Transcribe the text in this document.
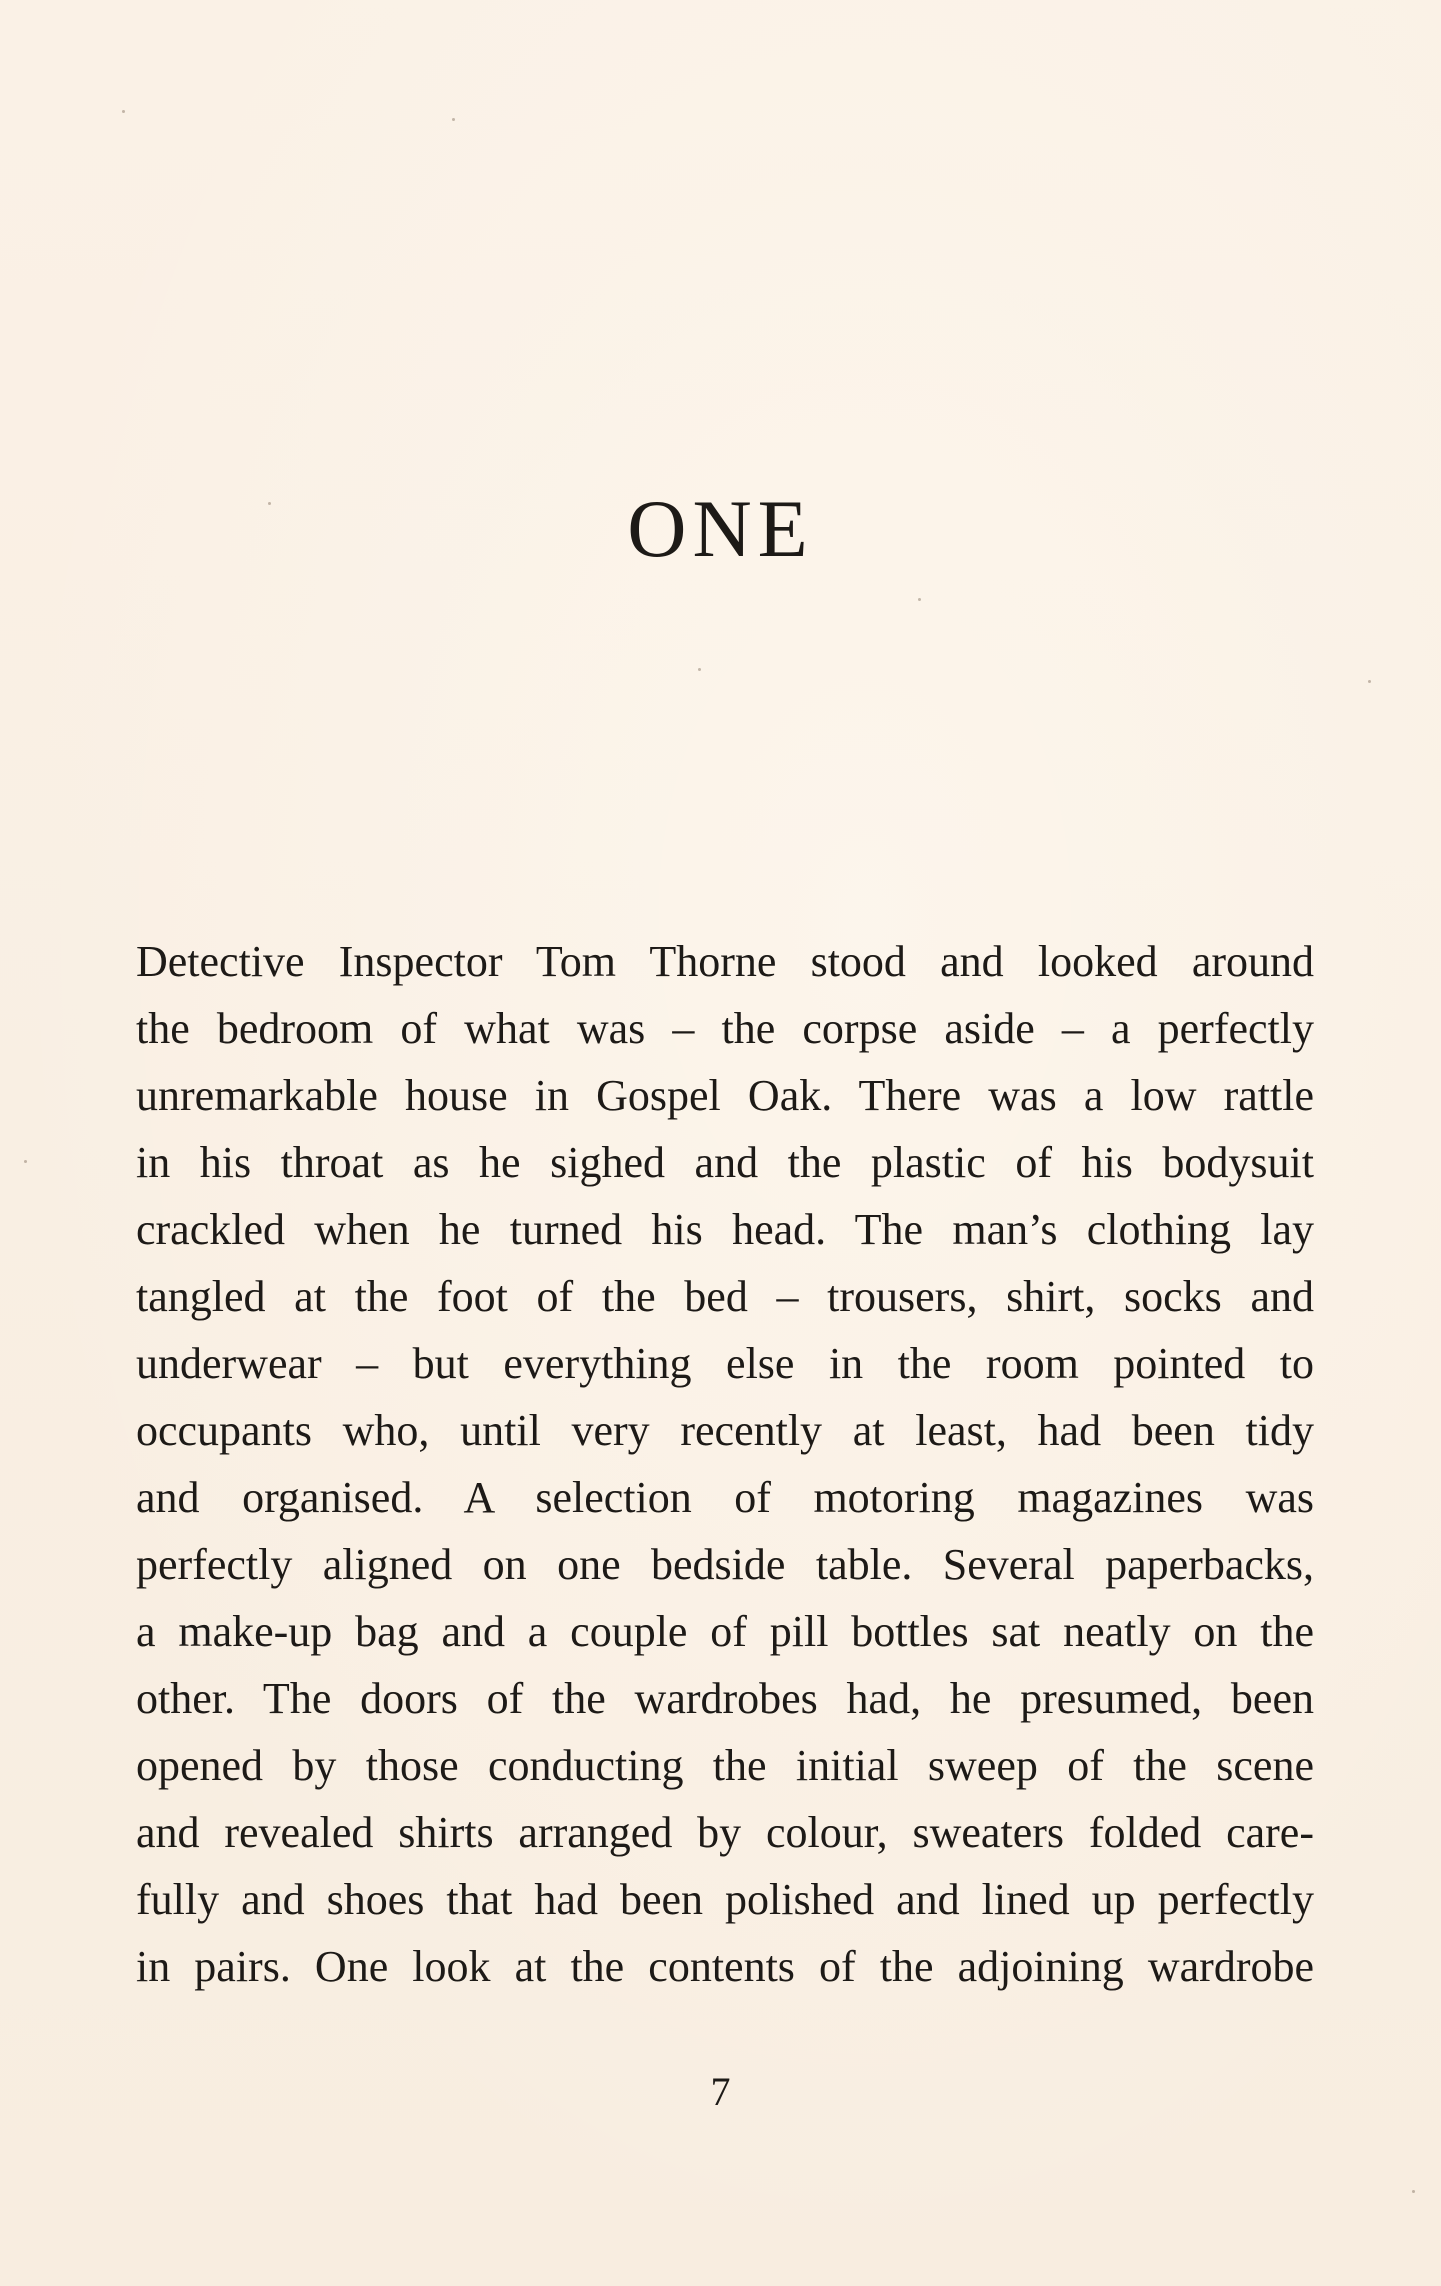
ONE
Detective Inspector Tom Thorne stood and looked around
the bedroom of what was – the corpse aside – a perfectly
unremarkable house in Gospel Oak. There was a low rattle
in his throat as he sighed and the plastic of his bodysuit
crackled when he turned his head. The man’s clothing lay
tangled at the foot of the bed – trousers, shirt, socks and
underwear – but everything else in the room pointed to
occupants who, until very recently at least, had been tidy
and organised. A selection of motoring magazines was
perfectly aligned on one bedside table. Several paperbacks,
a make-up bag and a couple of pill bottles sat neatly on the
other. The doors of the wardrobes had, he presumed, been
opened by those conducting the initial sweep of the scene
and revealed shirts arranged by colour, sweaters folded care-
fully and shoes that had been polished and lined up perfectly
in pairs. One look at the contents of the adjoining wardrobe
7
